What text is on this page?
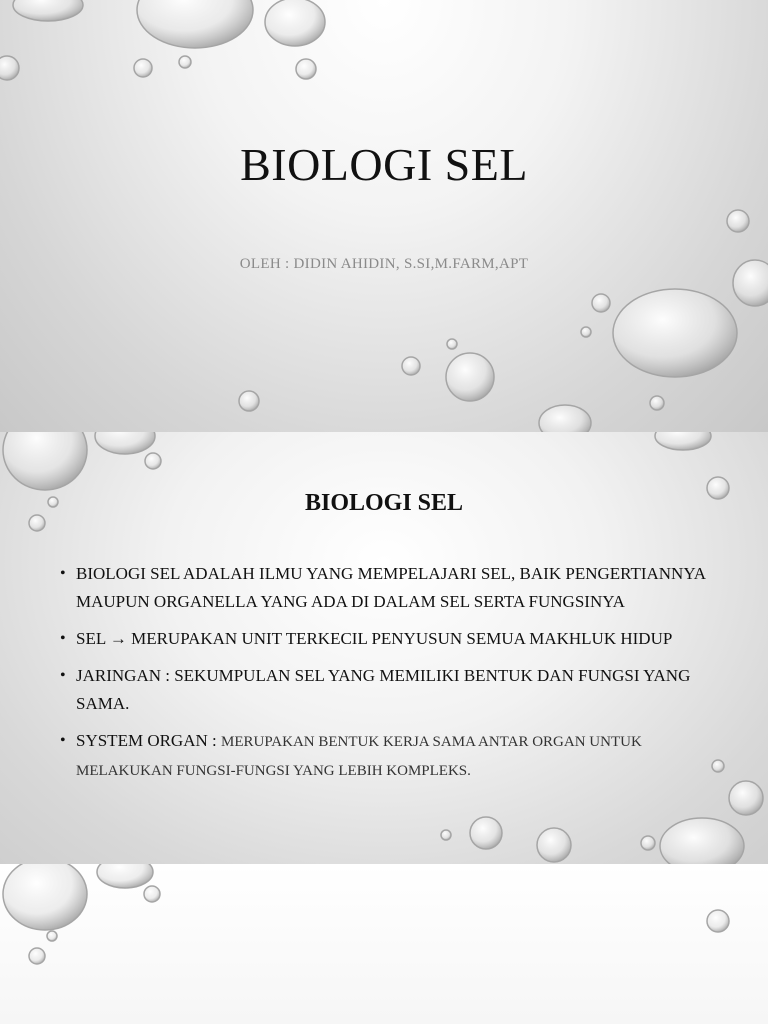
BIOLOGI SEL

OLEH : DIDIN AHIDIN, S.SI,M.FARM,APT

BIOLOGI SEL
• BIOLOGI SEL ADALAH ILMU YANG MEMPELAJARI SEL, BAIK PENGERTIANNYA MAUPUN ORGANELLA YANG ADA DI DALAM SEL SERTA FUNGSINYA
• SEL → MERUPAKAN UNIT TERKECIL PENYUSUN SEMUA MAKHLUK HIDUP
• JARINGAN : SEKUMPULAN SEL YANG MEMILIKI BENTUK DAN FUNGSI YANG SAMA.
• SYSTEM ORGAN : MERUPAKAN BENTUK KERJA SAMA ANTAR ORGAN UNTUK MELAKUKAN FUNGSI-FUNGSI YANG LEBIH KOMPLEKS.
